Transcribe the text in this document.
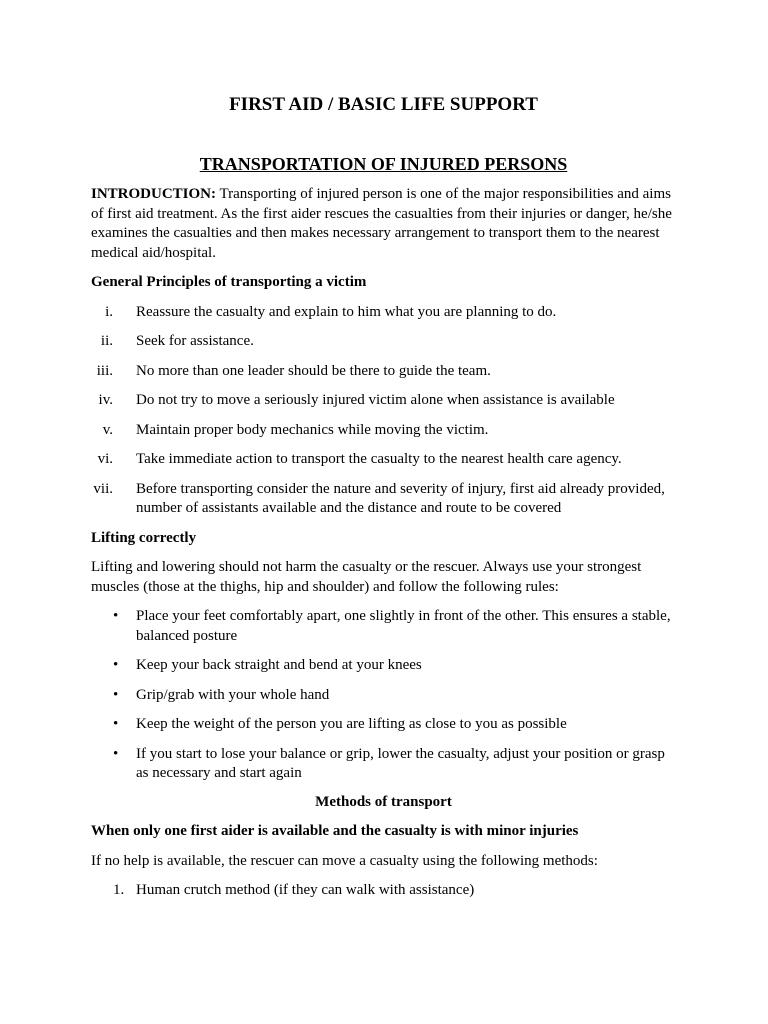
FIRST AID / BASIC LIFE SUPPORT
TRANSPORTATION OF INJURED PERSONS

INTRODUCTION: Transporting of injured person is one of the major responsibilities and aims of first aid treatment. As the first aider rescues the casualties from their injuries or danger, he/she examines the casualties and then makes necessary arrangement to transport them to the nearest medical aid/hospital.

General Principles of transporting a victim

i. Reassure the casualty and explain to him what you are planning to do.
ii. Seek for assistance.
iii. No more than one leader should be there to guide the team.
iv. Do not try to move a seriously injured victim alone when assistance is available
v. Maintain proper body mechanics while moving the victim.
vi. Take immediate action to transport the casualty to the nearest health care agency.
vii. Before transporting consider the nature and severity of injury, first aid already provided, number of assistants available and the distance and route to be covered

Lifting correctly

Lifting and lowering should not harm the casualty or the rescuer. Always use your strongest muscles (those at the thighs, hip and shoulder) and follow the following rules:

•	Place your feet comfortably apart, one slightly in front of the other. This ensures a stable, balanced posture
•	Keep your back straight and bend at your knees
•	Grip/grab with your whole hand
•	Keep the weight of the person you are lifting as close to you as possible
•	If you start to lose your balance or grip, lower the casualty, adjust your position or grasp as necessary and start again

Methods of transport

When only one first aider is available and the casualty is with minor injuries

If no help is available, the rescuer can move a casualty using the following methods:

1. Human crutch method (if they can walk with assistance)
